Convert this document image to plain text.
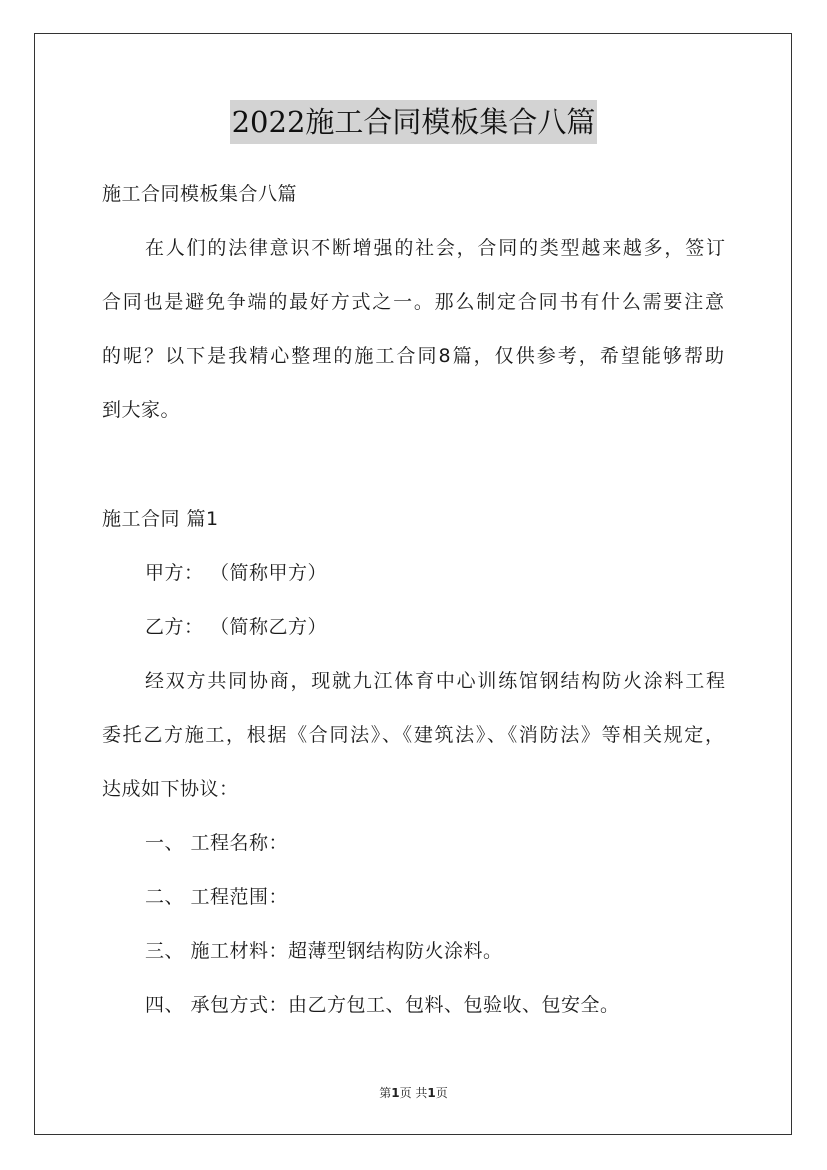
2022施工合同模板集合八篇
施工合同模板集合八篇
在人们的法律意识不断增强的社会，合同的类型越来越多，签订
合同也是避免争端的最好方式之一。那么制定合同书有什么需要注意
的呢？以下是我精心整理的施工合同8篇，仅供参考，希望能够帮助
到大家。
施工合同 篇1
甲方： （简称甲方）
乙方： （简称乙方）
经双方共同协商，现就九江体育中心训练馆钢结构防火涂料工程
委托乙方施工，根据《合同法》、《建筑法》、《消防法》等相关规定，
达成如下协议：
一、 工程名称：
二、 工程范围：
三、 施工材料：超薄型钢结构防火涂料。
四、 承包方式：由乙方包工、包料、包验收、包安全。
第1页 共1页
